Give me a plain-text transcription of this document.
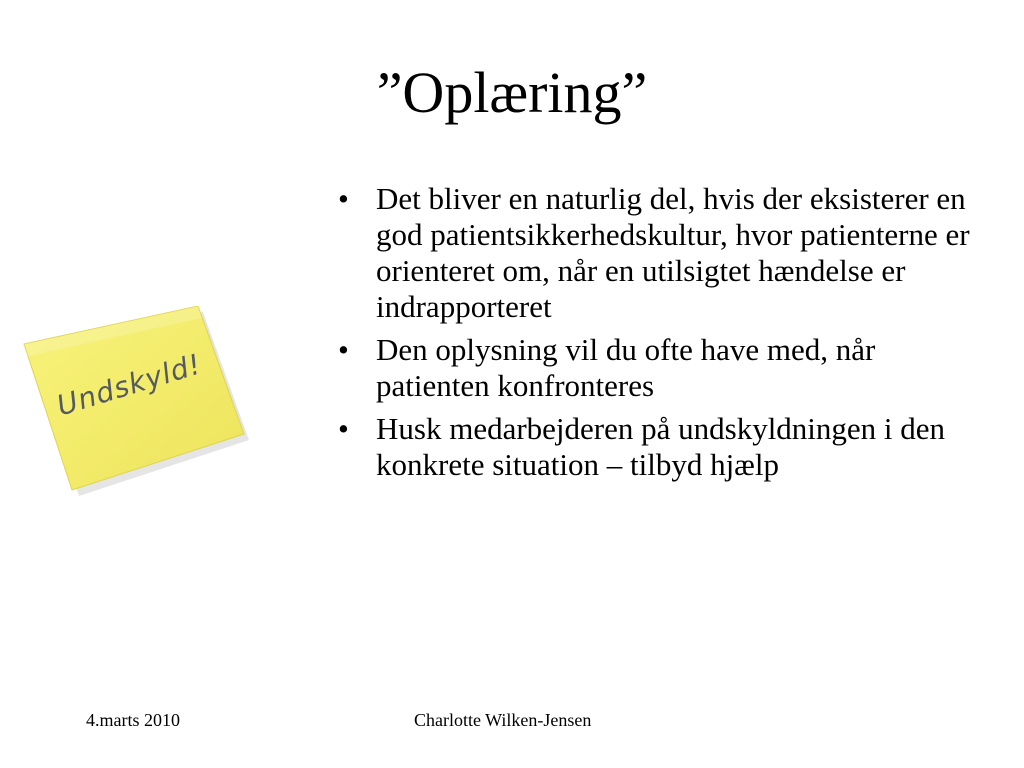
”Oplæring”
Undskyld!
• Det bliver en naturlig del, hvis der eksisterer en god patientsikkerhedskultur, hvor patienterne er orienteret om, når en utilsigtet hændelse er indrapporteret
• Den oplysning vil du ofte have med, når patienten konfronteres
• Husk medarbejderen på undskyldningen i den konkrete situation – tilbyd hjælp
4.marts 2010	Charlotte Wilken-Jensen
